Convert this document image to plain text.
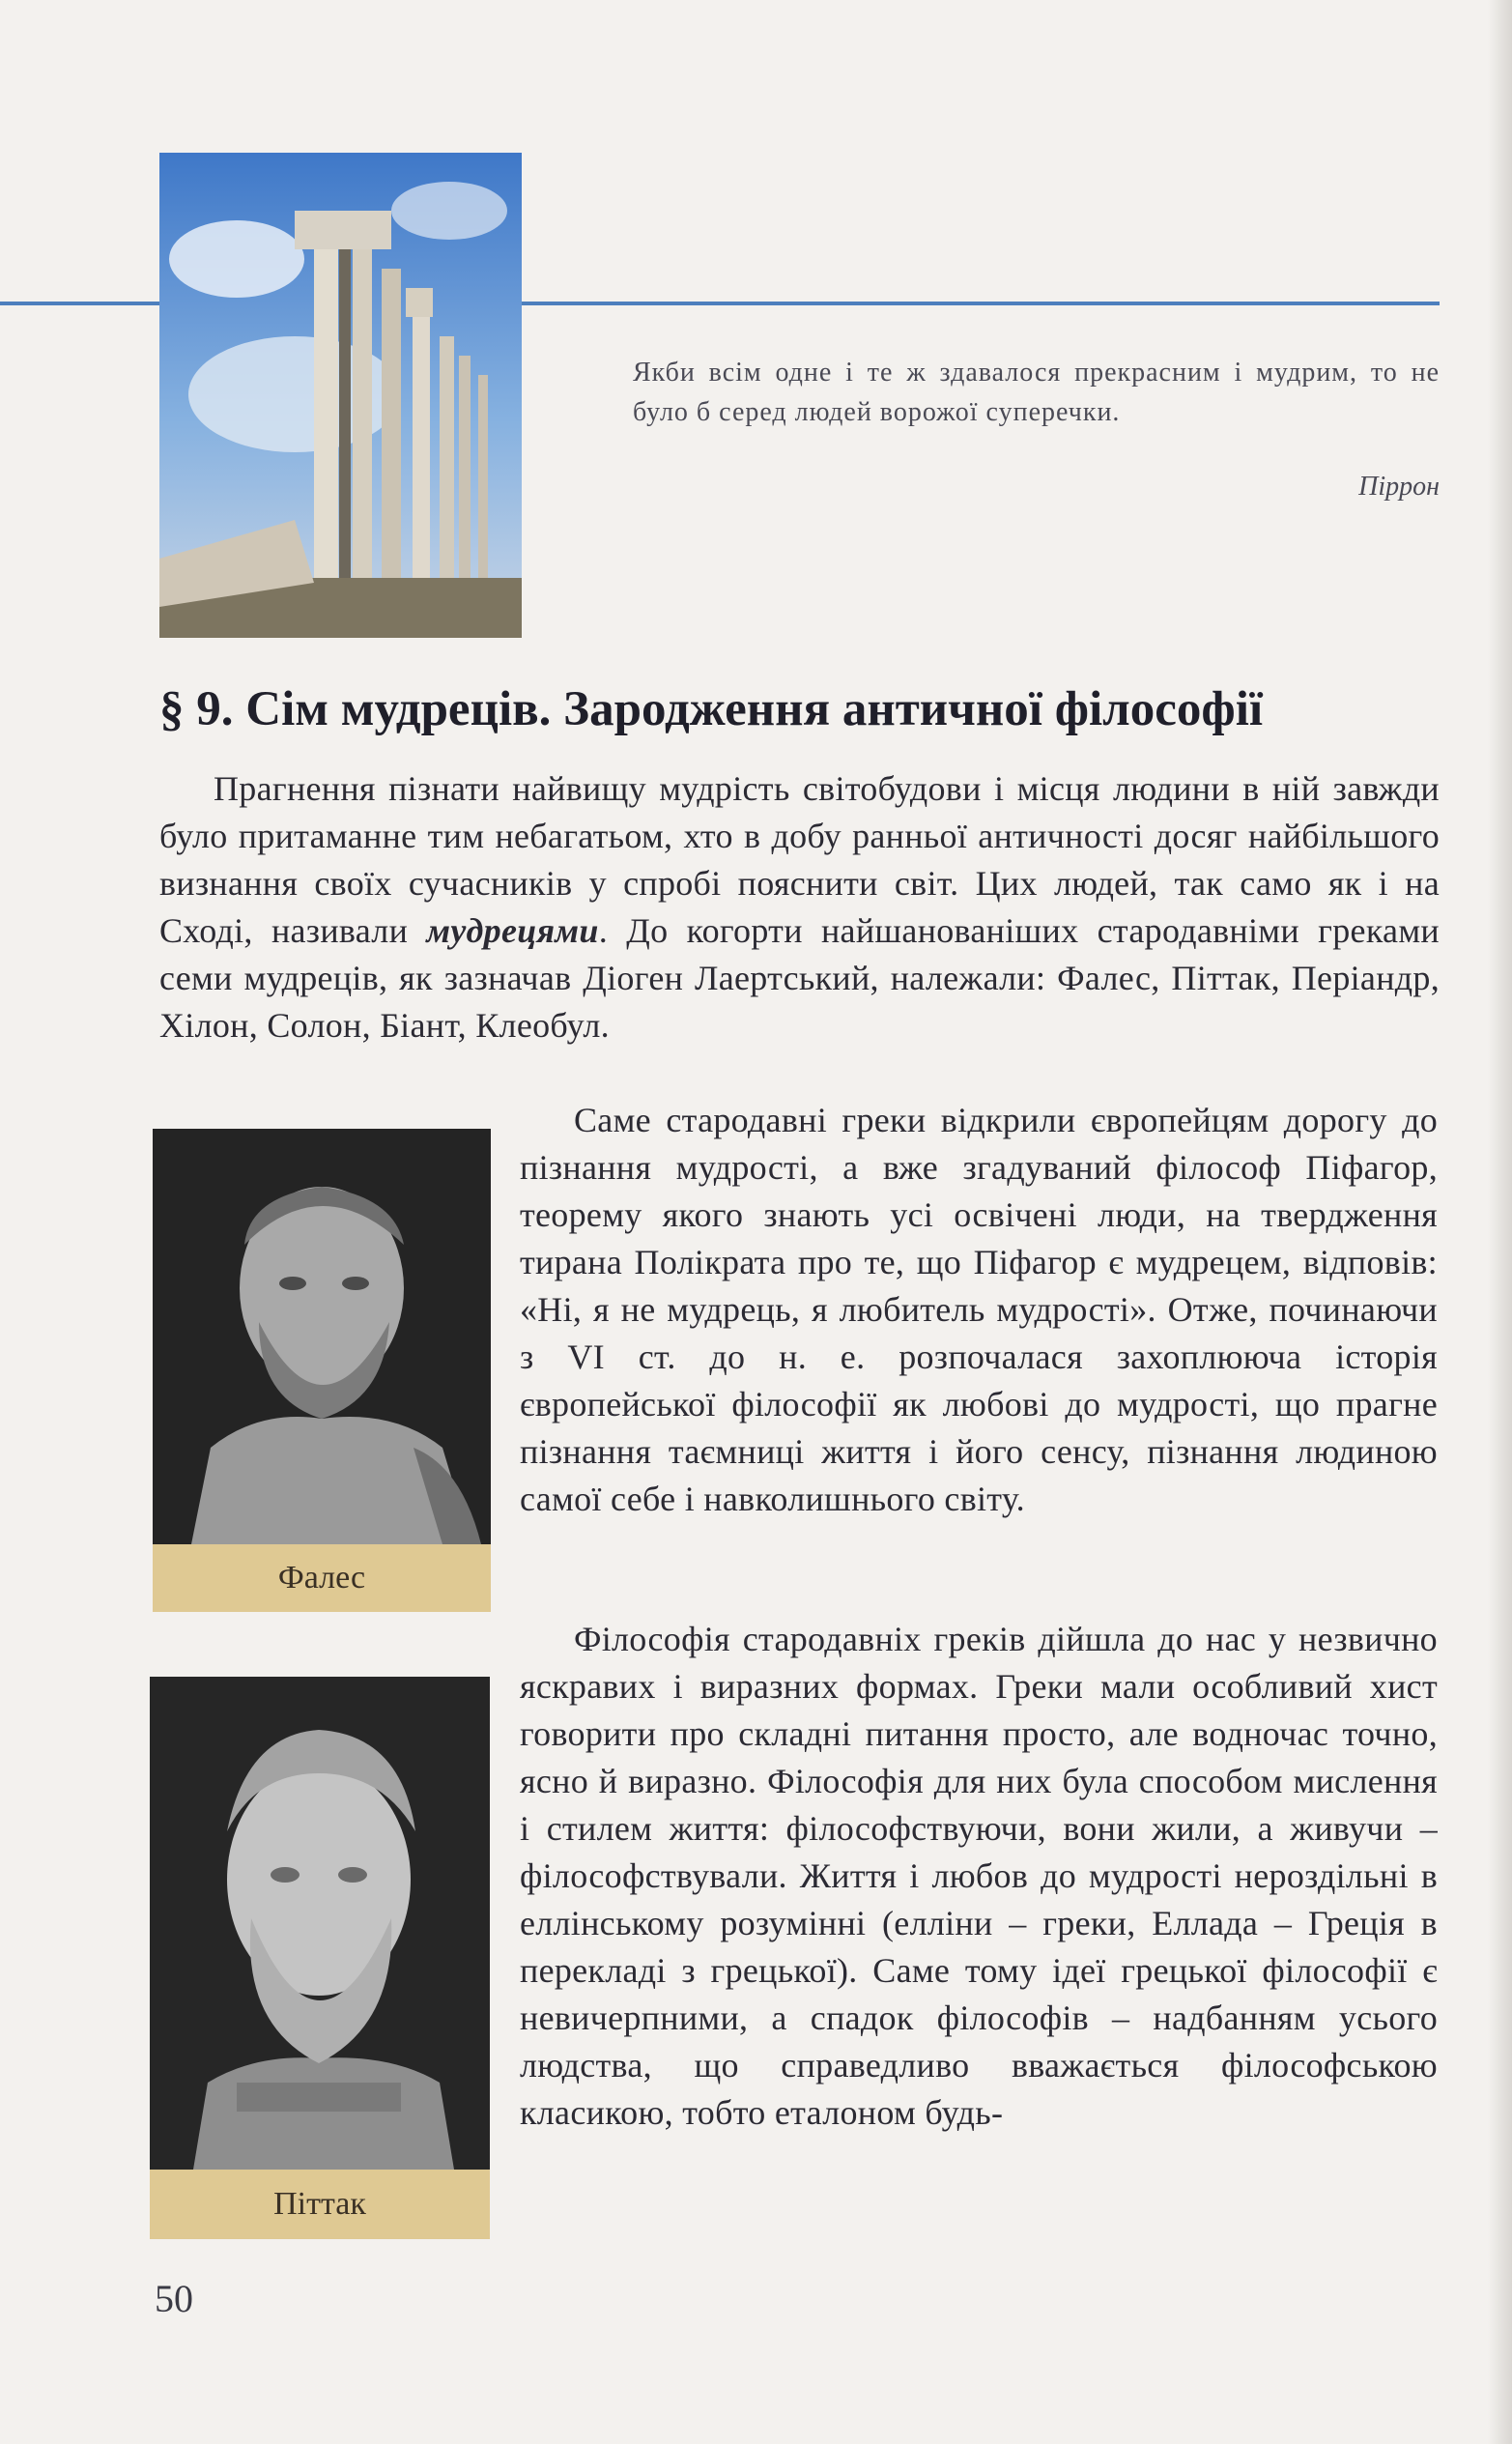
Якби всім одне і те ж здавалося прекрасним і мудрим, то не було б серед людей ворожої суперечки.
Піррон
§ 9. Сім мудреців. Зародження античної філософії
Прагнення пізнати найвищу мудрість світобудови і місця людини в ній завжди було притаманне тим небагатьом, хто в добу ранньої античності досяг найбільшого визнання своїх сучасників у спробі пояснити світ. Цих людей, так само як і на Сході, називали мудрецями. До когорти найшанованіших стародавніми греками семи мудреців, як зазначав Діоген Лаертський, належали: Фалес, Піттак, Періандр, Хілон, Солон, Біант, Клеобул.
Фалес
Саме стародавні греки відкрили європейцям дорогу до пізнання мудрості, а вже згадуваний філософ Піфагор, теорему якого знають усі освічені люди, на твердження тирана Полікрата про те, що Піфагор є мудрецем, відповів: «Ні, я не мудрець, я любитель мудрості». Отже, починаючи з VI ст. до н. е. розпочалася захоплююча історія європейської філософії як любові до мудрості, що прагне пізнання таємниці життя і його сенсу, пізнання людиною самої себе і навколишнього світу.
Піттак
Філософія стародавніх греків дійшла до нас у незвично яскравих і виразних формах. Греки мали особливий хист говорити про складні питання просто, але водночас точно, ясно й виразно. Філософія для них була способом мислення і стилем життя: філософствуючи, вони жили, а живучи – філософствували. Життя і любов до мудрості нероздільні в еллінському розумінні (елліни – греки, Еллада – Греція в перекладі з грецької). Саме тому ідеї грецької філософії є невичерпними, а спадок філософів – надбанням усього людства, що справедливо вважається філософською класикою, тобто еталоном будь-
50
